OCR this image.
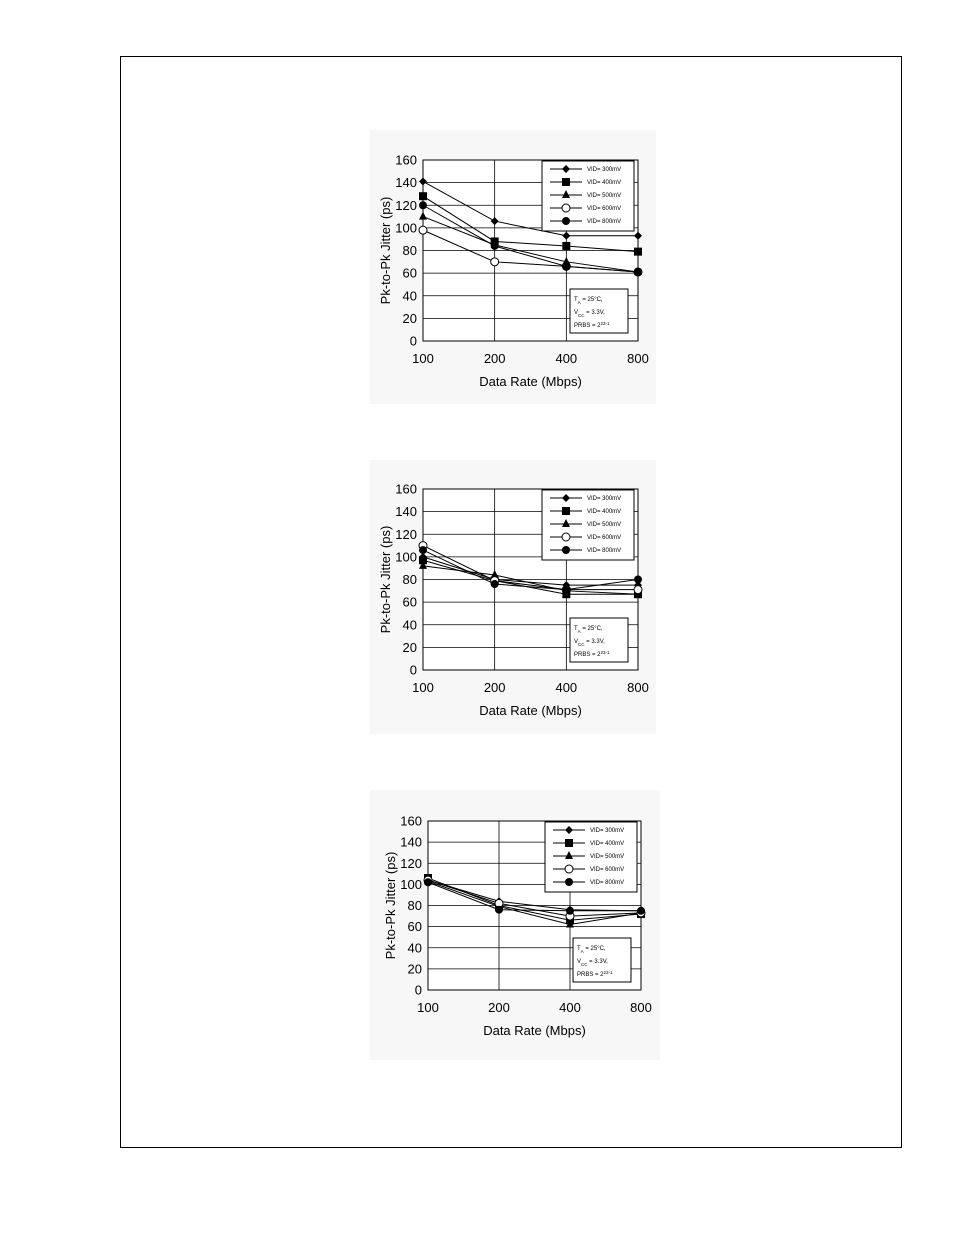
0
20
40
60
80
100
120
140
160
100	200	400	800
Data Rate (Mbps)
Pk-to-Pk Jitter (ps)
VID= 300mV
VID= 400mV
VID= 500mV
VID= 600mV
VID= 800mV
$T_A = 25^\circ C$,
$V_{CC} = 3.3V$,
PRBS = $2^{23-1}$
0
20
40
60
80
100
120
140
160
100	200	400	800
Data Rate (Mbps)
Pk-to-Pk Jitter (ps)
VID= 300mV
VID= 400mV
VID= 500mV
VID= 600mV
VID= 800mV
$T_A = 25^\circ C$,
$V_{CC} = 3.3V$,
PRBS = $2^{23-1}$
0
20
40
60
80
100
120
140
160
100	200	400	800
Data Rate (Mbps)
Pk-to-Pk Jitter (ps)
VID= 300mV
VID= 400mV
VID= 500mV
VID= 600mV
VID= 800mV
$T_A = 25^\circ C$,
$V_{CC} = 3.3V$,
PRBS = $2^{23-1}$
